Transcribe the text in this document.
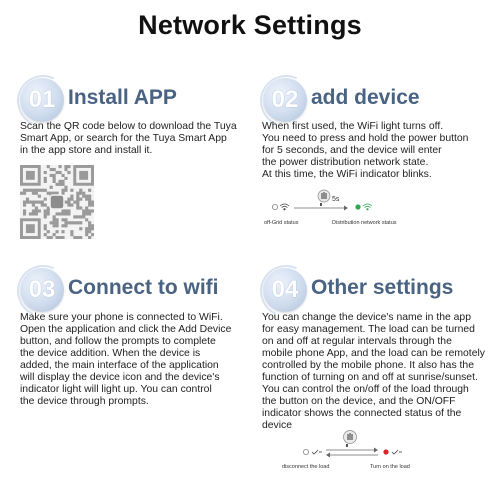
Network Settings
01 Install APP
Scan the QR code below to download the Tuya
Smart App, or search for the Tuya Smart App
in the app store and install it.
02 add device
When first used, the WiFi light turns off.
You need to press and hold the power button
for 5 seconds, and the device will enter
the power distribution network state.
At this time, the WiFi indicator blinks.
5s
off-Grid status	Distribution network status
03 Connect to wifi
Make sure your phone is connected to WiFi.
Open the application and click the Add Device
button, and follow the prompts to complete
the device addition. When the device is
added, the main interface of the application
will display the device icon and the device's
indicator light will light up. You can control
the device through prompts.
04 Other settings
You can change the device's name in the app
for easy management. The load can be turned
on and off at regular intervals through the
mobile phone App, and the load can be remotely
controlled by the mobile phone. It also has the
function of turning on and off at sunrise/sunset.
You can control the on/off of the load through
the button on the device, and the ON/OFF
indicator shows the connected status of the
device
disconnect the load	Turn on the load
